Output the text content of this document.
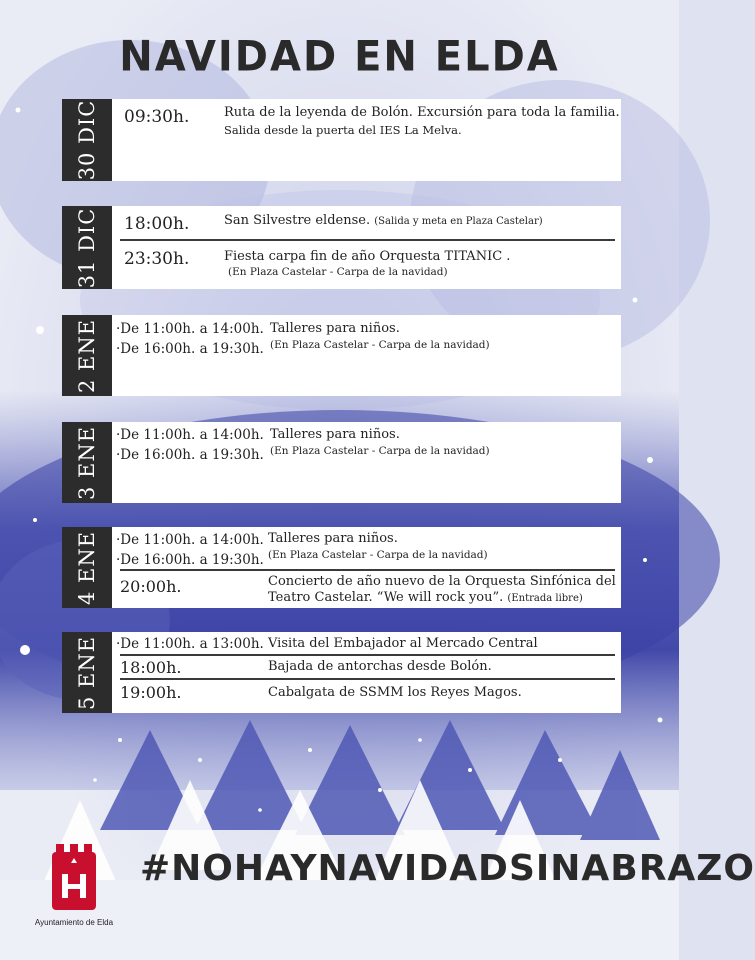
NAVIDAD EN ELDA
30 DIC 09:30h.	Ruta de la leyenda de Bolón. Excursión para toda la familia.
Salida desde la puerta del IES La Melva.
31 DIC 18:00h.	San Silvestre eldense. (Salida y meta en Plaza Castelar)
23:30h.	Fiesta carpa fin de año Orquesta TITANIC .
(En Plaza Castelar - Carpa de la navidad)
2 ENE ·De 11:00h. a 14:00h. Talleres para niños.
·De 16:00h. a 19:30h. (En Plaza Castelar - Carpa de la navidad)
3 ENE ·De 11:00h. a 14:00h. Talleres para niños.
·De 16:00h. a 19:30h. (En Plaza Castelar - Carpa de la navidad)
4 ENE ·De 11:00h. a 14:00h. Talleres para niños.
·De 16:00h. a 19:30h. (En Plaza Castelar - Carpa de la navidad)
20:00h.	Concierto de año nuevo de la Orquesta Sinfónica del
Teatro Castelar. “We will rock you”. (Entrada libre)
5 ENE ·De 11:00h. a 13:00h. Visita del Embajador al Mercado Central
18:00h.	Bajada de antorchas desde Bolón.
19:00h.	Cabalgata de SSMM los Reyes Magos.
Ayuntamiento de Elda
#NOHAYNAVIDADSINABRAZO
